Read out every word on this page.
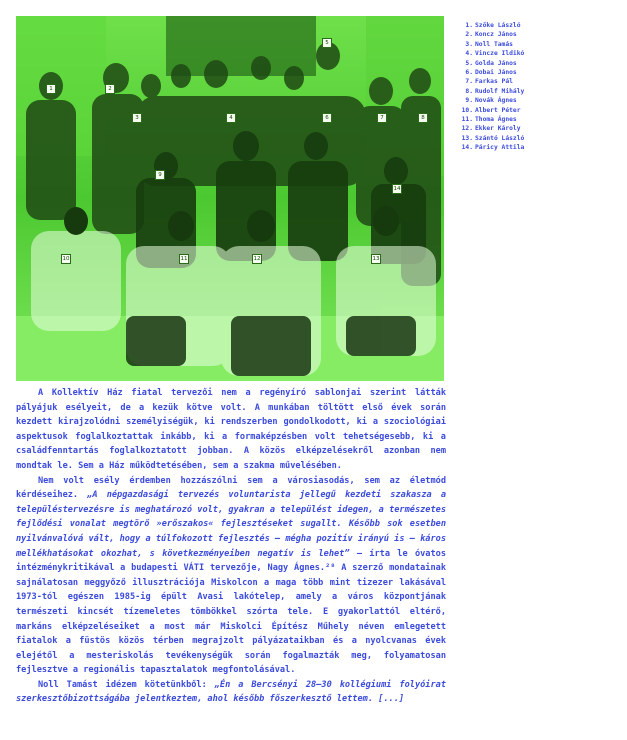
1	2
3	4
5
6	7	8
9
10	11	12	13
14
1. Szőke László
2. Koncz János
3. Noll Tamás
4. Vincze Ildikó
5. Golda János
6. Dobai János
7. Farkas Pál
8. Rudolf Mihály
9. Novák Ágnes
10. Albert Péter
11. Thoma Ágnes
12. Ekker Károly
13. Szántó László
14. Páricy Attila

A Kollektív Ház fiatal tervezői nem a regényíró sablonjai szerint látták pályájuk esélyeit, de a kezük kötve volt. A munkában töltött első évek során kezdett kirajzolódni személyiségük, ki rendszerben gondolkodott, ki a szociológiai aspektusok foglalkoztattak inkább, ki a formaképzésben volt tehetségesebb, ki a családfenntartás foglalkoztatott jobban. A közös elképzelésekről azonban nem mondtak le. Sem a Ház működtetésében, sem a szakma művelésében.

Nem volt esély érdemben hozzászólni sem a városiasodás, sem az életmód kérdéseihez. „A népgazdasági tervezés voluntarista jellegű kezdeti szakasza a településtervezésre is meghatározó volt, gyakran a települést idegen, a természetes fejlődési vonalat megtörő »erőszakos« fejlesztéseket sugallt. Később sok esetben nyilvánvalóvá vált, hogy a túlfokozott fejlesztés – mégha pozitív irányú is – káros mellékhatásokat okozhat, s következményeiben negatív is lehet” – írta le óvatos intézménykritikával a budapesti VÁTI tervezője, Nagy Ágnes.²⁸ A szerző mondatainak sajnálatosan meggyőző illusztrációja Miskolcon a maga több mint tizezer lakásával 1973-tól egészen 1985-ig épült Avasi lakótelep, amely a város központjának természeti kincsét tízemeletes tömbökkel szórta tele. E gyakorlattól eltérő, markáns elképzeléseiket a most már Miskolci Építész Műhely néven emlegetett fiatalok a füstös közös térben megrajzolt pályázataikban és a nyolcvanas évek elejétől a mesteriskolás tevékenységük során fogalmazták meg, folyamatosan fejlesztve a regionális tapasztalatok megfontolásával.

Noll Tamást idézem kötetünkből: „Én a Bercsényi 28–30 kollégiumi folyóirat szerkesztőbizottságába jelentkeztem, ahol később főszerkesztő lettem. [...]
